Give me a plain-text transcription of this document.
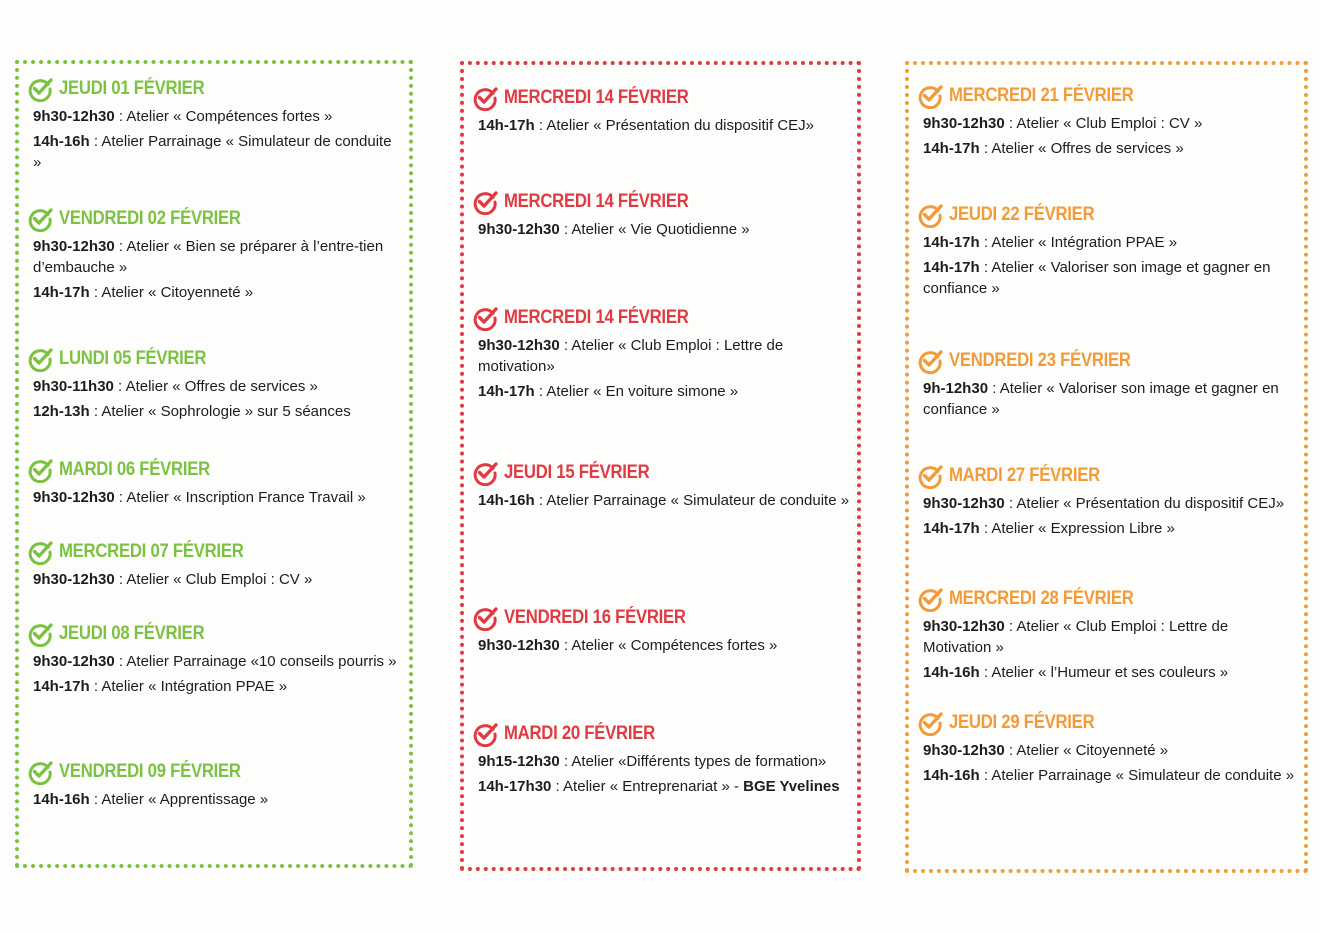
JEUDI 01 FÉVRIER
9h30-12h30 : Atelier « Compétences fortes »
14h-16h : Atelier Parrainage « Simulateur de conduite »
VENDREDI 02 FÉVRIER
9h30-12h30 : Atelier « Bien se préparer à l’entre-tien d’embauche »
14h-17h : Atelier « Citoyenneté »
LUNDI 05 FÉVRIER
9h30-11h30 : Atelier « Offres de services »
12h-13h : Atelier « Sophrologie » sur 5 séances
MARDI 06 FÉVRIER
9h30-12h30 : Atelier « Inscription France Travail »
MERCREDI 07 FÉVRIER
9h30-12h30 : Atelier « Club Emploi : CV »
JEUDI 08 FÉVRIER
9h30-12h30 : Atelier Parrainage «10 conseils pourris »
14h-17h : Atelier « Intégration PPAE »
VENDREDI 09 FÉVRIER
14h-16h : Atelier « Apprentissage »
MERCREDI 14 FÉVRIER
14h-17h : Atelier « Présentation du dispositif CEJ»
MERCREDI 14 FÉVRIER
9h30-12h30 : Atelier « Vie Quotidienne »
MERCREDI 14 FÉVRIER
9h30-12h30 : Atelier « Club Emploi : Lettre de motivation»
14h-17h : Atelier « En voiture simone »
JEUDI 15 FÉVRIER
14h-16h : Atelier Parrainage « Simulateur de conduite »
VENDREDI 16 FÉVRIER
9h30-12h30 : Atelier « Compétences fortes »
MARDI 20 FÉVRIER
9h15-12h30 : Atelier «Différents types de formation»
14h-17h30 : Atelier « Entreprenariat » - BGE Yvelines
MERCREDI 21 FÉVRIER
9h30-12h30 : Atelier « Club Emploi : CV »
14h-17h : Atelier « Offres de services »
JEUDI 22 FÉVRIER
14h-17h : Atelier « Intégration PPAE »
14h-17h : Atelier « Valoriser son image et gagner en confiance »
VENDREDI 23 FÉVRIER
9h-12h30 : Atelier « Valoriser son image et gagner en confiance »
MARDI 27 FÉVRIER
9h30-12h30 : Atelier « Présentation du dispositif CEJ»
14h-17h : Atelier « Expression Libre »
MERCREDI 28 FÉVRIER
9h30-12h30 : Atelier « Club Emploi : Lettre de Motivation »
14h-16h : Atelier « l’Humeur et ses couleurs »
JEUDI 29 FÉVRIER
9h30-12h30 : Atelier « Citoyenneté »
14h-16h : Atelier Parrainage « Simulateur de conduite »
